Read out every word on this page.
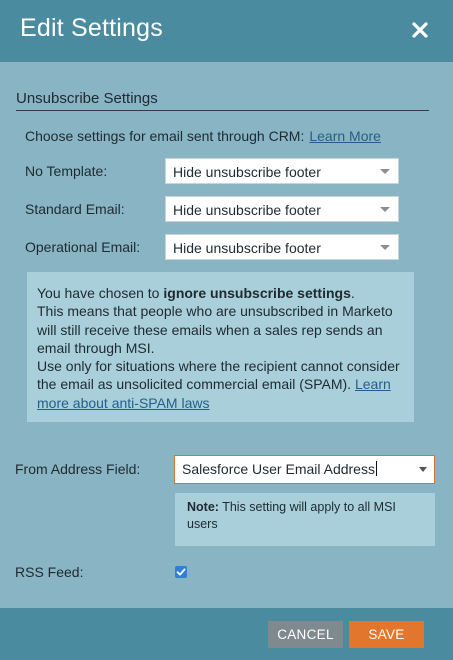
Edit Settings
Unsubscribe Settings
Choose settings for email sent through CRM: Learn More
No Template:	Hide unsubscribe footer
Standard Email:	Hide unsubscribe footer
Operational Email:	Hide unsubscribe footer
You have chosen to ignore unsubscribe settings.
This means that people who are unsubscribed in Marketo will still receive these emails when a sales rep sends an email through MSI.
Use only for situations where the recipient cannot consider the email as unsolicited commercial email (SPAM). Learn more about anti-SPAM laws
From Address Field:	Salesforce User Email Address
Note: This setting will apply to all MSI users
RSS Feed:
CANCEL	SAVE
